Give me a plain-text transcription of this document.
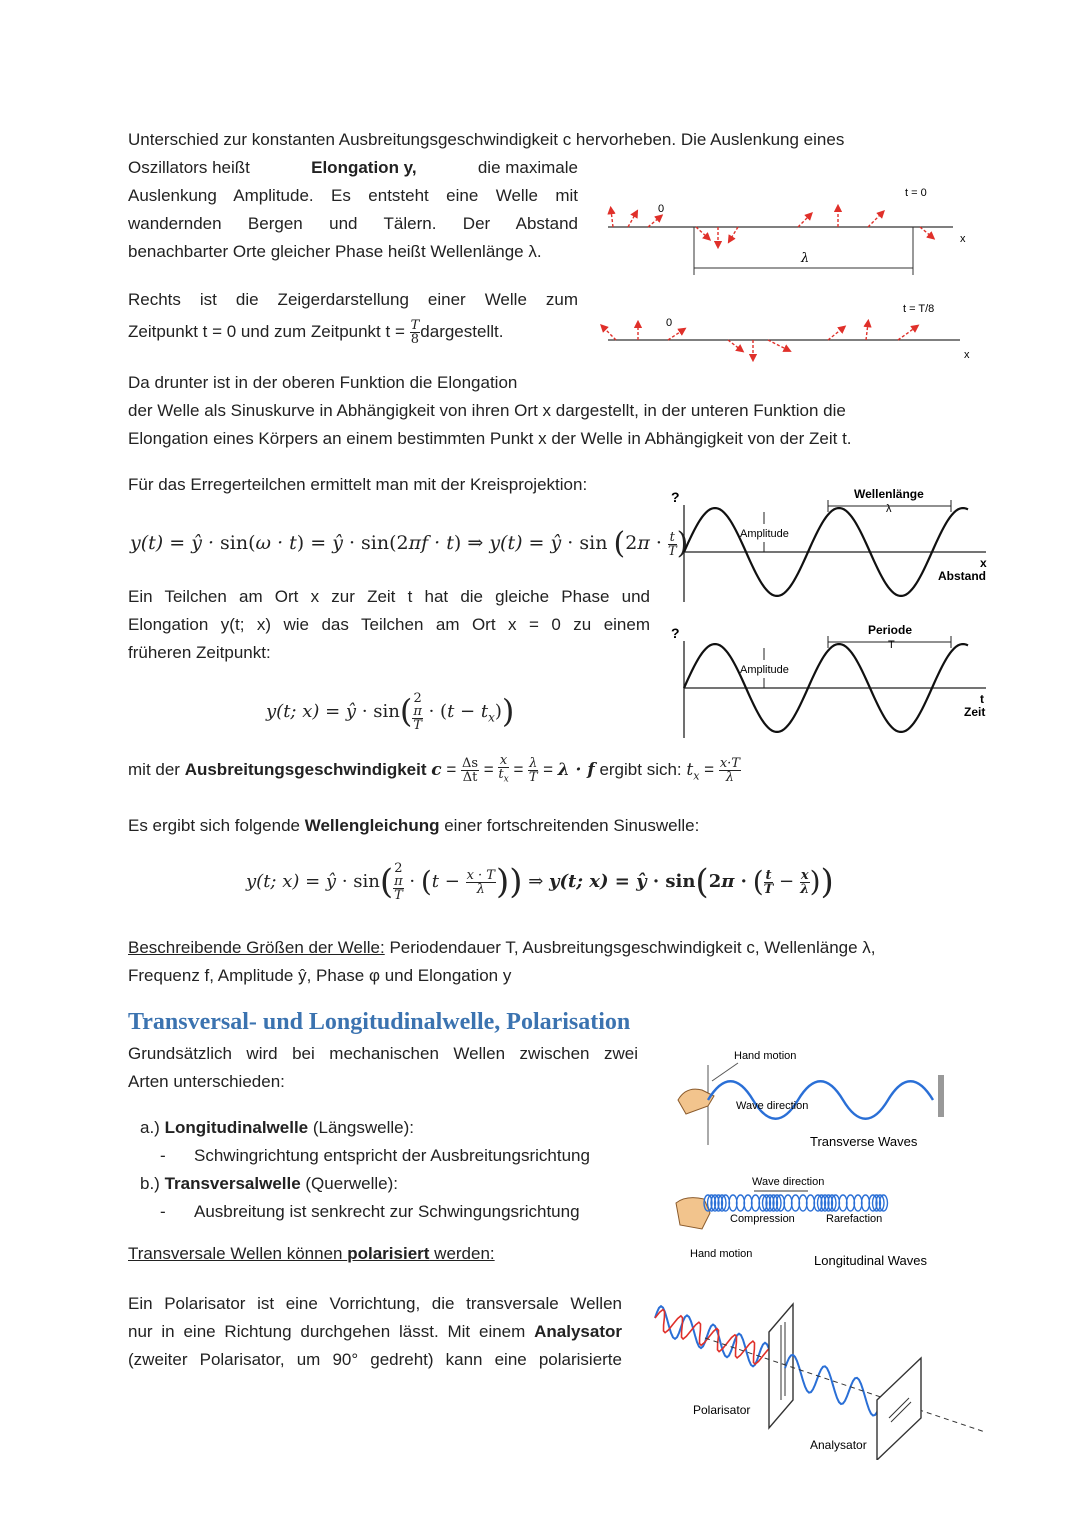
Unterschied zur konstanten Ausbreitungsgeschwindigkeit c hervorheben. Die Auslenkung eines
Oszillators heißt	Elongation y,	die maximale
Auslenkung Amplitude. Es entsteht eine Welle mit
wandernden Bergen und Tälern. Der Abstand
benachbarter Orte gleicher Phase heißt Wellenlänge λ.
Rechts ist die Zeigerdarstellung einer Welle zum
Zeitpunkt t = 0 und zum Zeitpunkt $t = \frac{T}{8}$ dargestellt.
t = 0
x
0
λ
t = T/8
x
0
Da drunter ist in der oberen Funktion die Elongation
der Welle als Sinuskurve in Abhängigkeit von ihren Ort x dargestellt, in der unteren Funktion die
Elongation eines Körpers an einem bestimmten Punkt x der Welle in Abhängigkeit von der Zeit t.
Für das Erregerteilchen ermittelt man mit der Kreisprojektion:
y(t) = ŷ · sin(ω · t) = ŷ · sin(2πf · t) ⇒ y(t) = ŷ · $\sin (2\pi \cdot \frac{t}{T}$ )
?	Wellenlänge
λ
Amplitude
x
Abstand
Ein Teilchen am Ort x zur Zeit t hat die gleiche Phase und
Elongation y(t; x) wie das Teilchen am Ort x = 0 zu einem
früheren Zeitpunkt:
?	Periode
T
Amplitude
t
Zeit
y(t; x) = ŷ · sin( 2
π
$T \cdot (t - t_x)$)
mit der Ausbreitungsgeschwindigkeit $c = \frac{\Delta s}{\Delta t} = \frac{x}{t_x} = \frac{\lambda}{T} = \lambda \cdot f$ ergibt sich: $t_x = \frac{x\cdot T}{\lambda}$
Es ergibt sich folgende Wellengleichung einer fortschreitenden Sinuswelle:
y(t; x) = ŷ · sin( 2
π
$T \cdot (t - \frac{x \cdot T}{\lambda}$ )) ⇒ y(t; x) = ŷ · sin(2π · ( $\frac{t}{T} - \frac{x}{\lambda}$ ))
Beschreibende Größen der Welle: Periodendauer T, Ausbreitungsgeschwindigkeit c, Wellenlänge λ,
Frequenz f, Amplitude ŷ, Phase φ und Elongation y
Transversal- und Longitudinalwelle, Polarisation
Grundsätzlich wird bei mechanischen Wellen zwischen zwei
Arten unterschieden:
a.) Longitudinalwelle (Längswelle):
-      Schwingrichtung entspricht der Ausbreitungsrichtung
b.) Transversalwelle (Querwelle):
-      Ausbreitung ist senkrecht zur Schwingungsrichtung
Transversale Wellen können polarisiert werden:
Ein Polarisator ist eine Vorrichtung, die transversale Wellen
nur in eine Richtung durchgehen lässt. Mit einem Analysator
(zweiter Polarisator, um 90° gedreht) kann eine polarisierte
Hand motion
Wave direction
Transverse Waves
Wave direction
Compression	Rarefaction
Hand motion	Longitudinal Waves
Polarisator
Analysator
